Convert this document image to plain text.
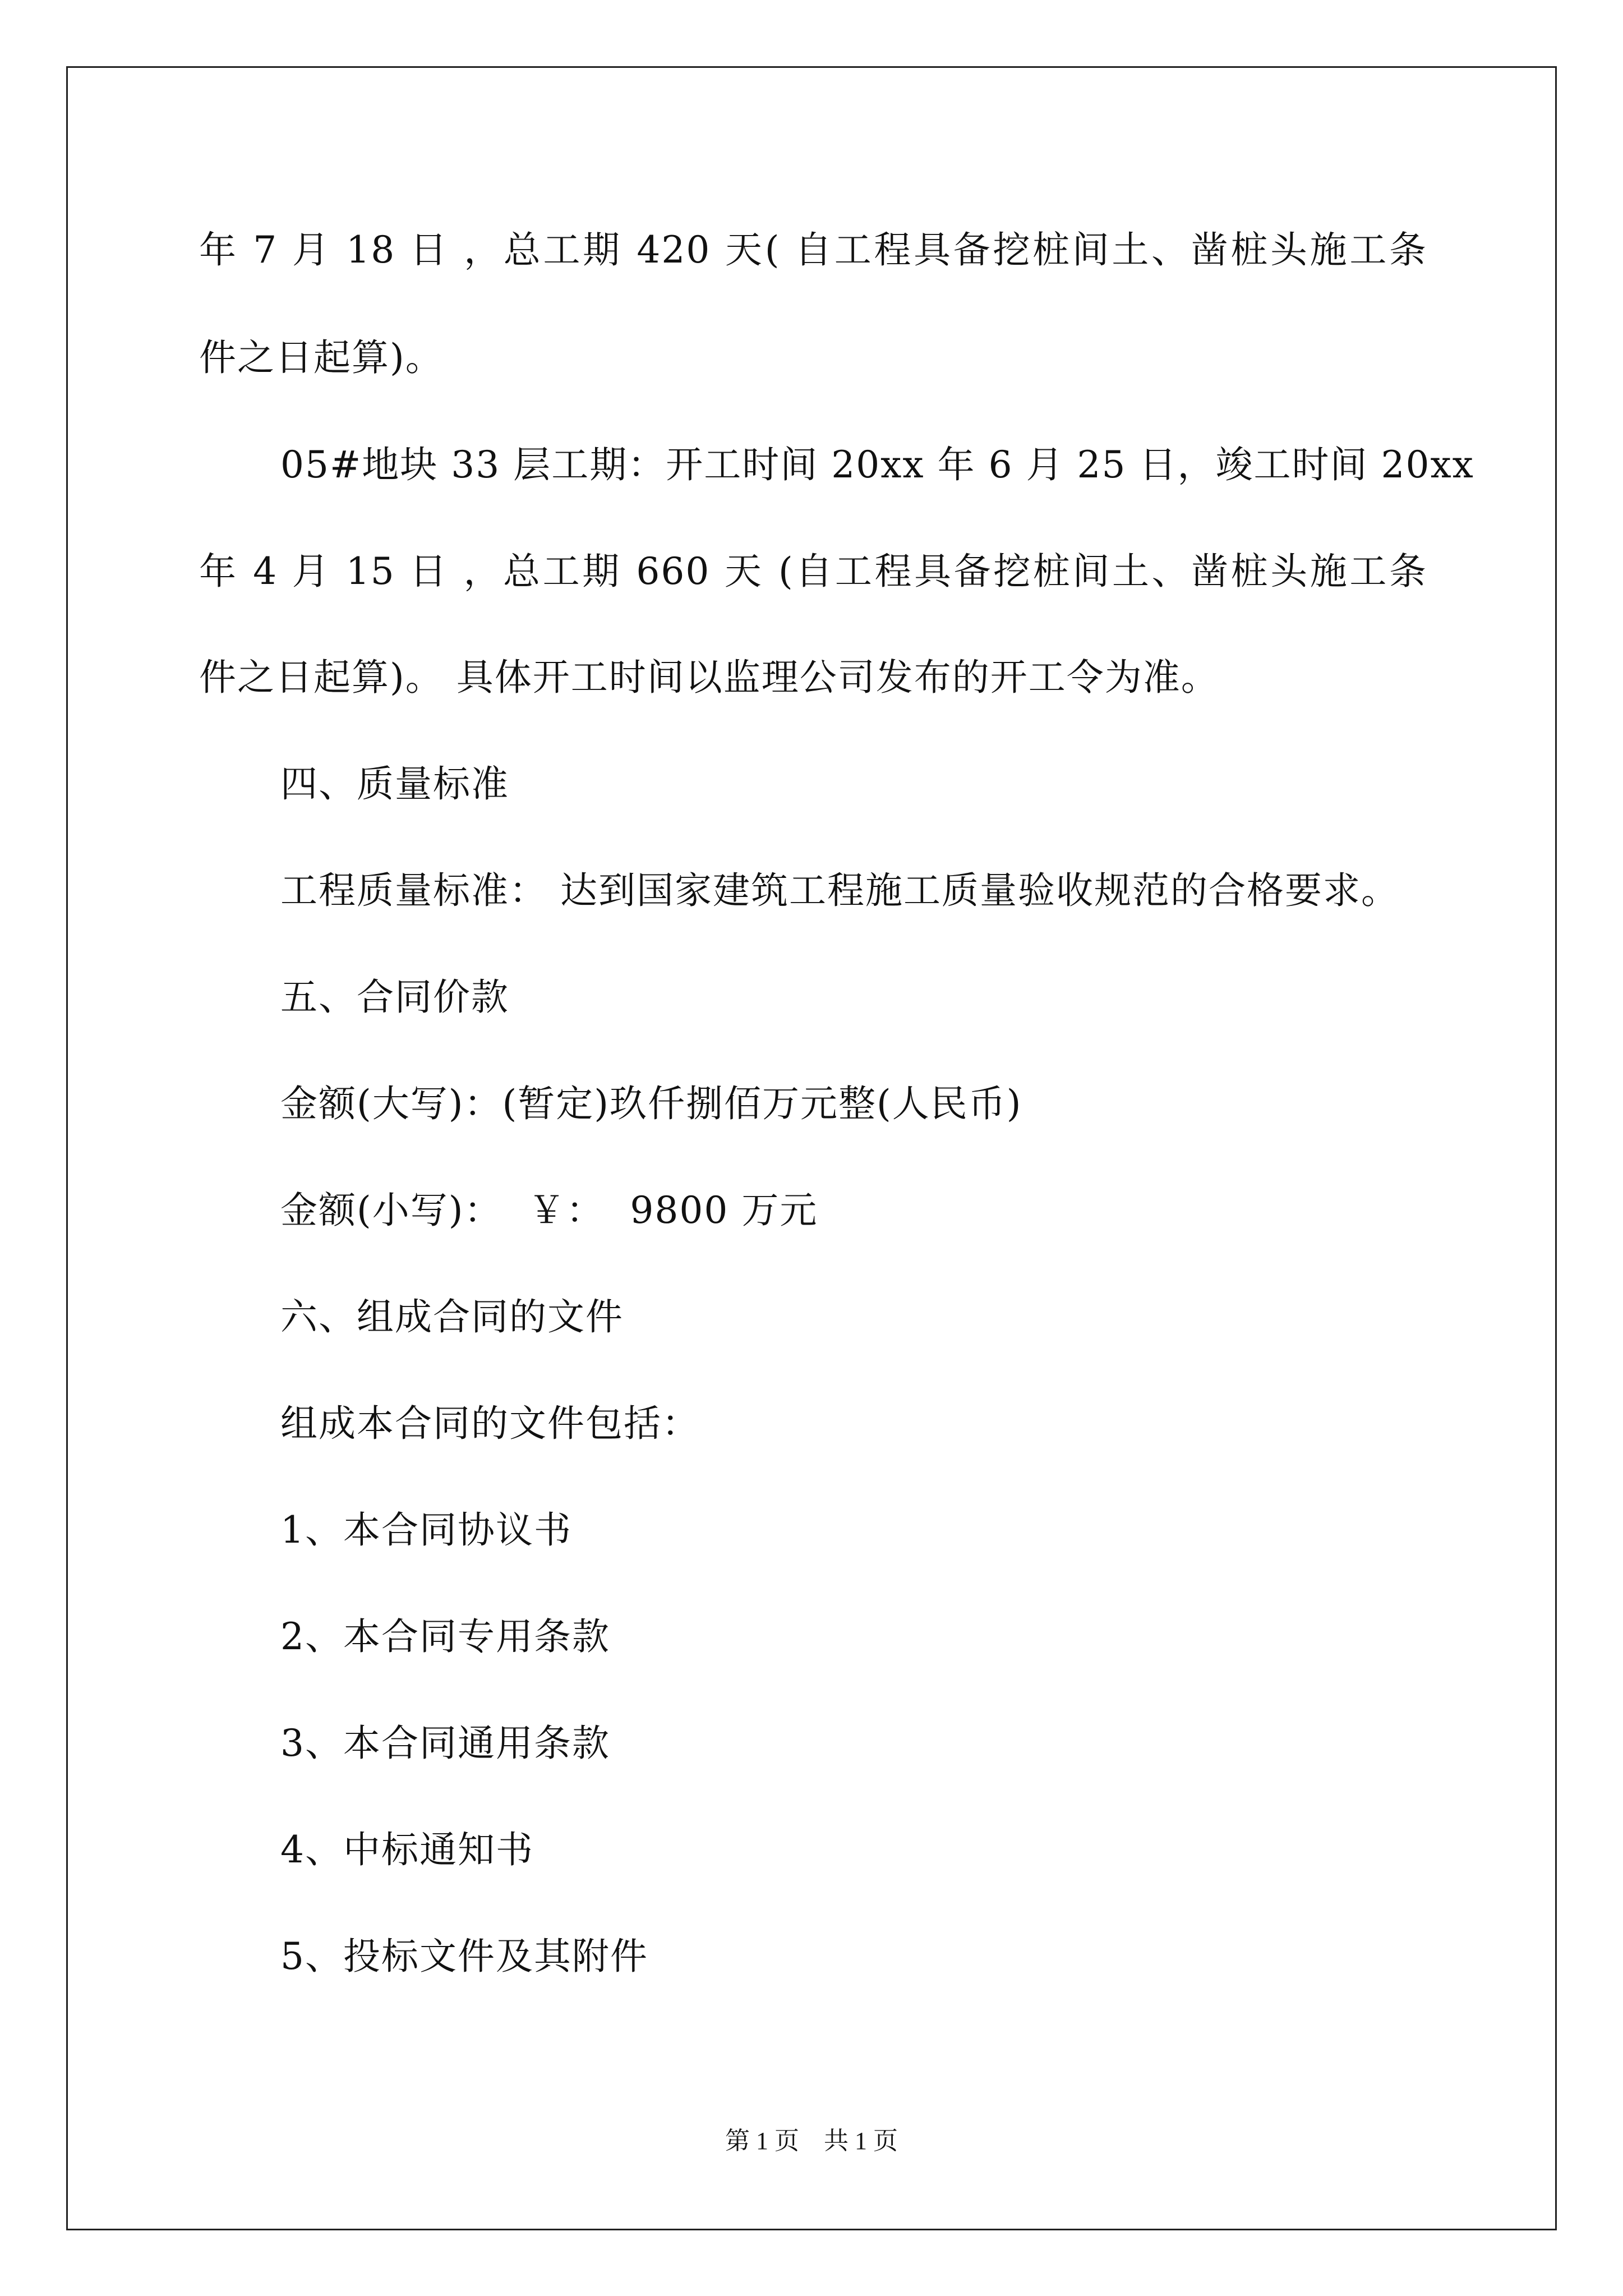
年 7 月 18 日 ，总工期 420 天( 自工程具备挖桩间土、凿桩头施工条
件之日起算)。
05#地块 33 层工期：开工时间 20xx 年 6 月 25 日，竣工时间 20xx
年 4 月 15 日 ，总工期 660 天 (自工程具备挖桩间土、凿桩头施工条
件之日起算)。 具体开工时间以监理公司发布的开工令为准。
四、质量标准
工程质量标准： 达到国家建筑工程施工质量验收规范的合格要求。
五、合同价款
金额(大写)：(暂定)玖仟捌佰万元整(人民币)
金额(小写)：  ￥：  9800 万元
六、组成合同的文件
组成本合同的文件包括：
1、本合同协议书
2、本合同专用条款
3、本合同通用条款
4、中标通知书
5、投标文件及其附件
第 1 页    共 1 页
